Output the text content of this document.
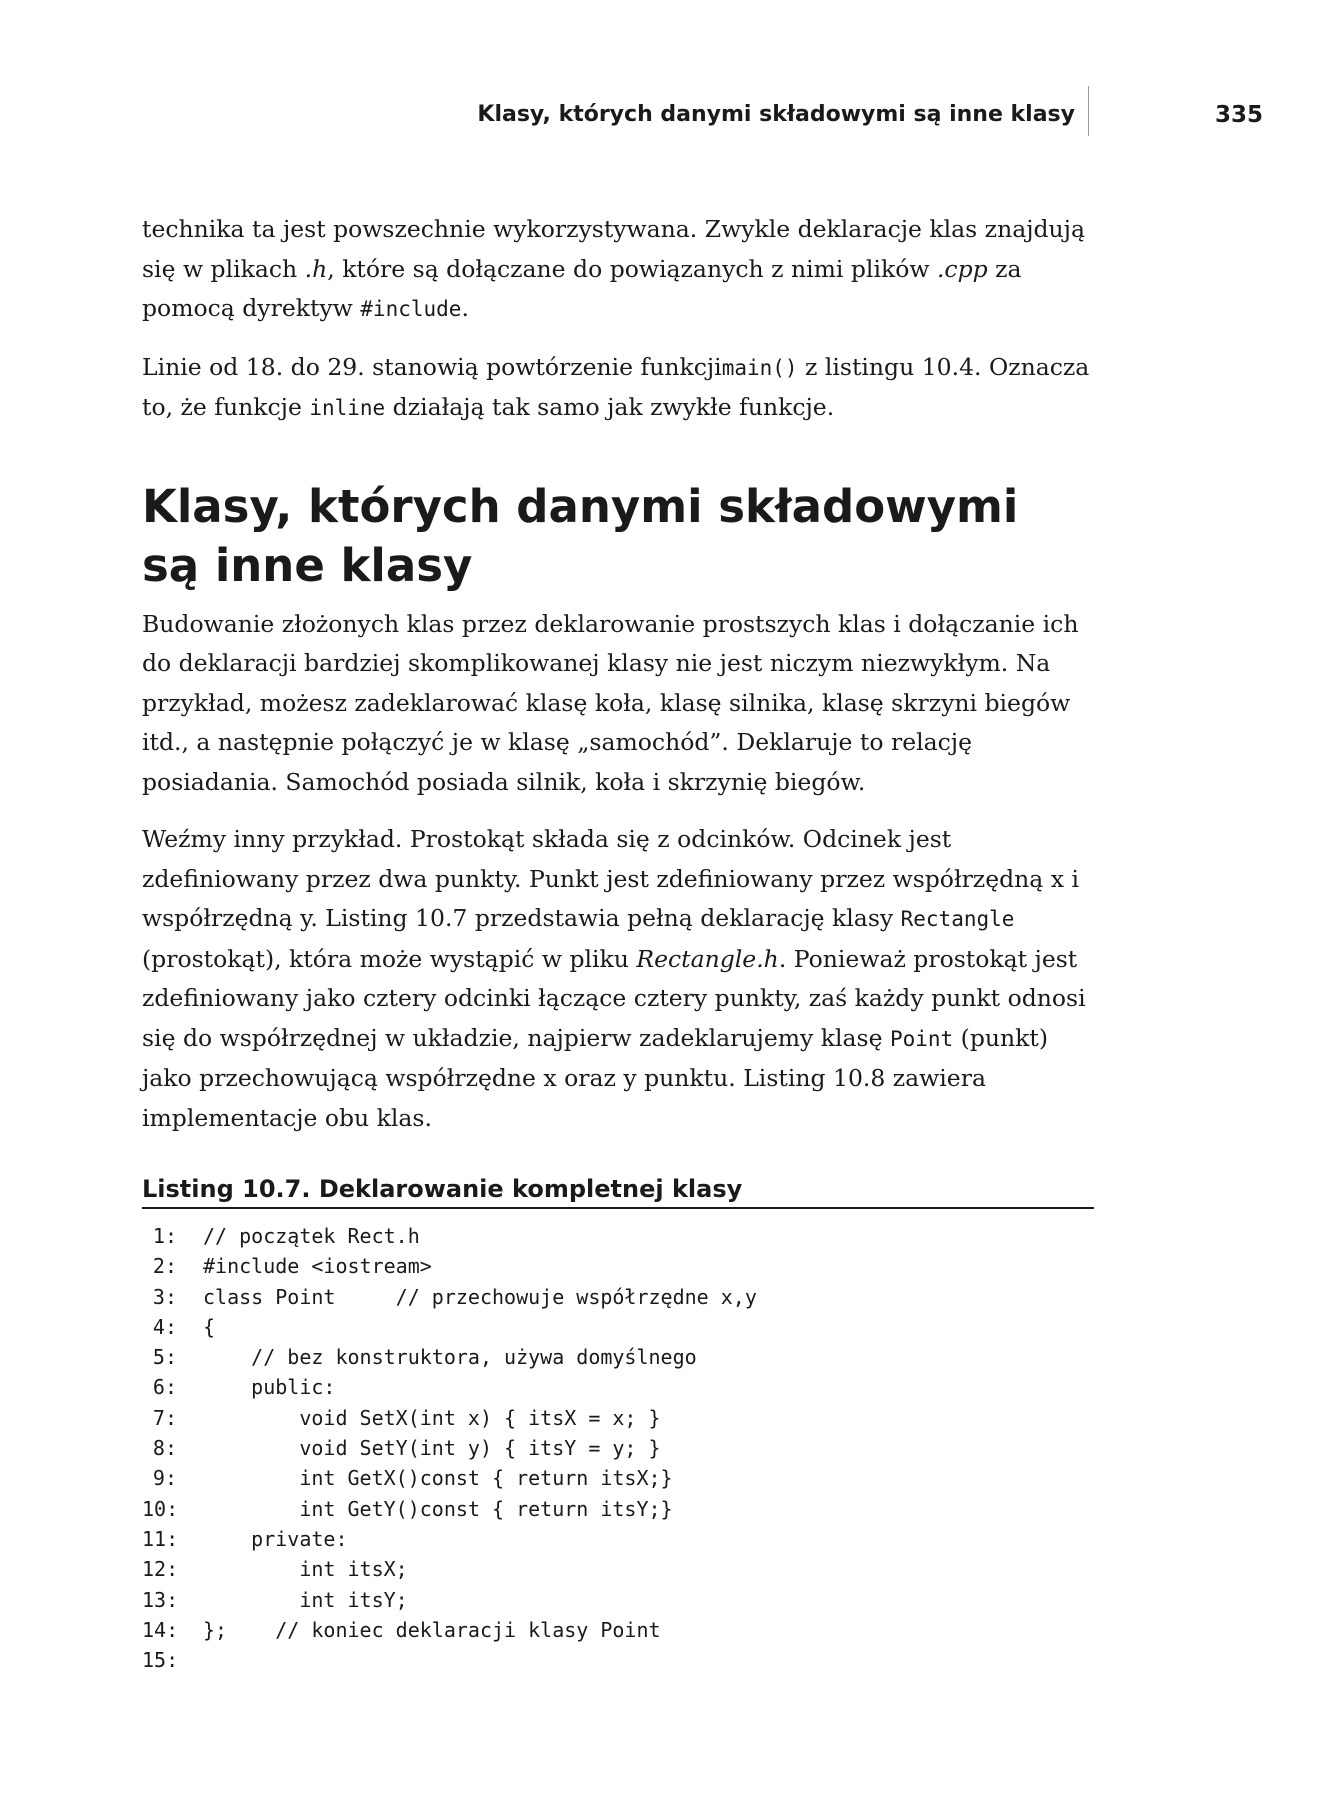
Klasy, których danymi składowymi są inne klasy	335

technika ta jest powszechnie wykorzystywana. Zwykle deklaracje klas znajdują się w plikach .h, które są dołączane do powiązanych z nimi plików .cpp za pomocą dyrektyw #include.

Linie od 18. do 29. stanowią powtórzenie funkcjimain() z listingu 10.4. Oznacza to, że funkcje inline działają tak samo jak zwykłe funkcje.

Klasy, których danymi składowymi
są inne klasy

Budowanie złożonych klas przez deklarowanie prostszych klas i dołączanie ich do deklaracji bardziej skomplikowanej klasy nie jest niczym niezwykłym. Na przykład, możesz zadeklarować klasę koła, klasę silnika, klasę skrzyni biegów itd., a następnie połączyć je w klasę „samochód”. Deklaruje to relację posiadania. Samochód posiada silnik, koła i skrzynię biegów.

Weźmy inny przykład. Prostokąt składa się z odcinków. Odcinek jest zdefiniowany przez dwa punkty. Punkt jest zdefiniowany przez współrzędną x i współrzędną y. Listing 10.7 przedstawia pełną deklarację klasy Rectangle (prostokąt), która może wystąpić w pliku Rectangle.h. Ponieważ prostokąt jest zdefiniowany jako cztery odcinki łączące cztery punkty, zaś każdy punkt odnosi się do współrzędnej w układzie, najpierw zadeklarujemy klasę Point (punkt) jako przechowującą współrzędne x oraz y punktu. Listing 10.8 zawiera implementacje obu klas.

Listing 10.7. Deklarowanie kompletnej klasy
1: // początek Rect.h
2: #include <iostream>
3: class Point     // przechowuje współrzędne x,y
4: {
5: // bez konstruktora, używa domyślnego
6: public:
7: void SetX(int x) { itsX = x; }
8: void SetY(int y) { itsY = y; }
9: int GetX()const { return itsX;}
10: int GetY()const { return itsY;}
11: private:
12: int itsX;
13: int itsY;
14: };    // koniec deklaracji klasy Point
15:
